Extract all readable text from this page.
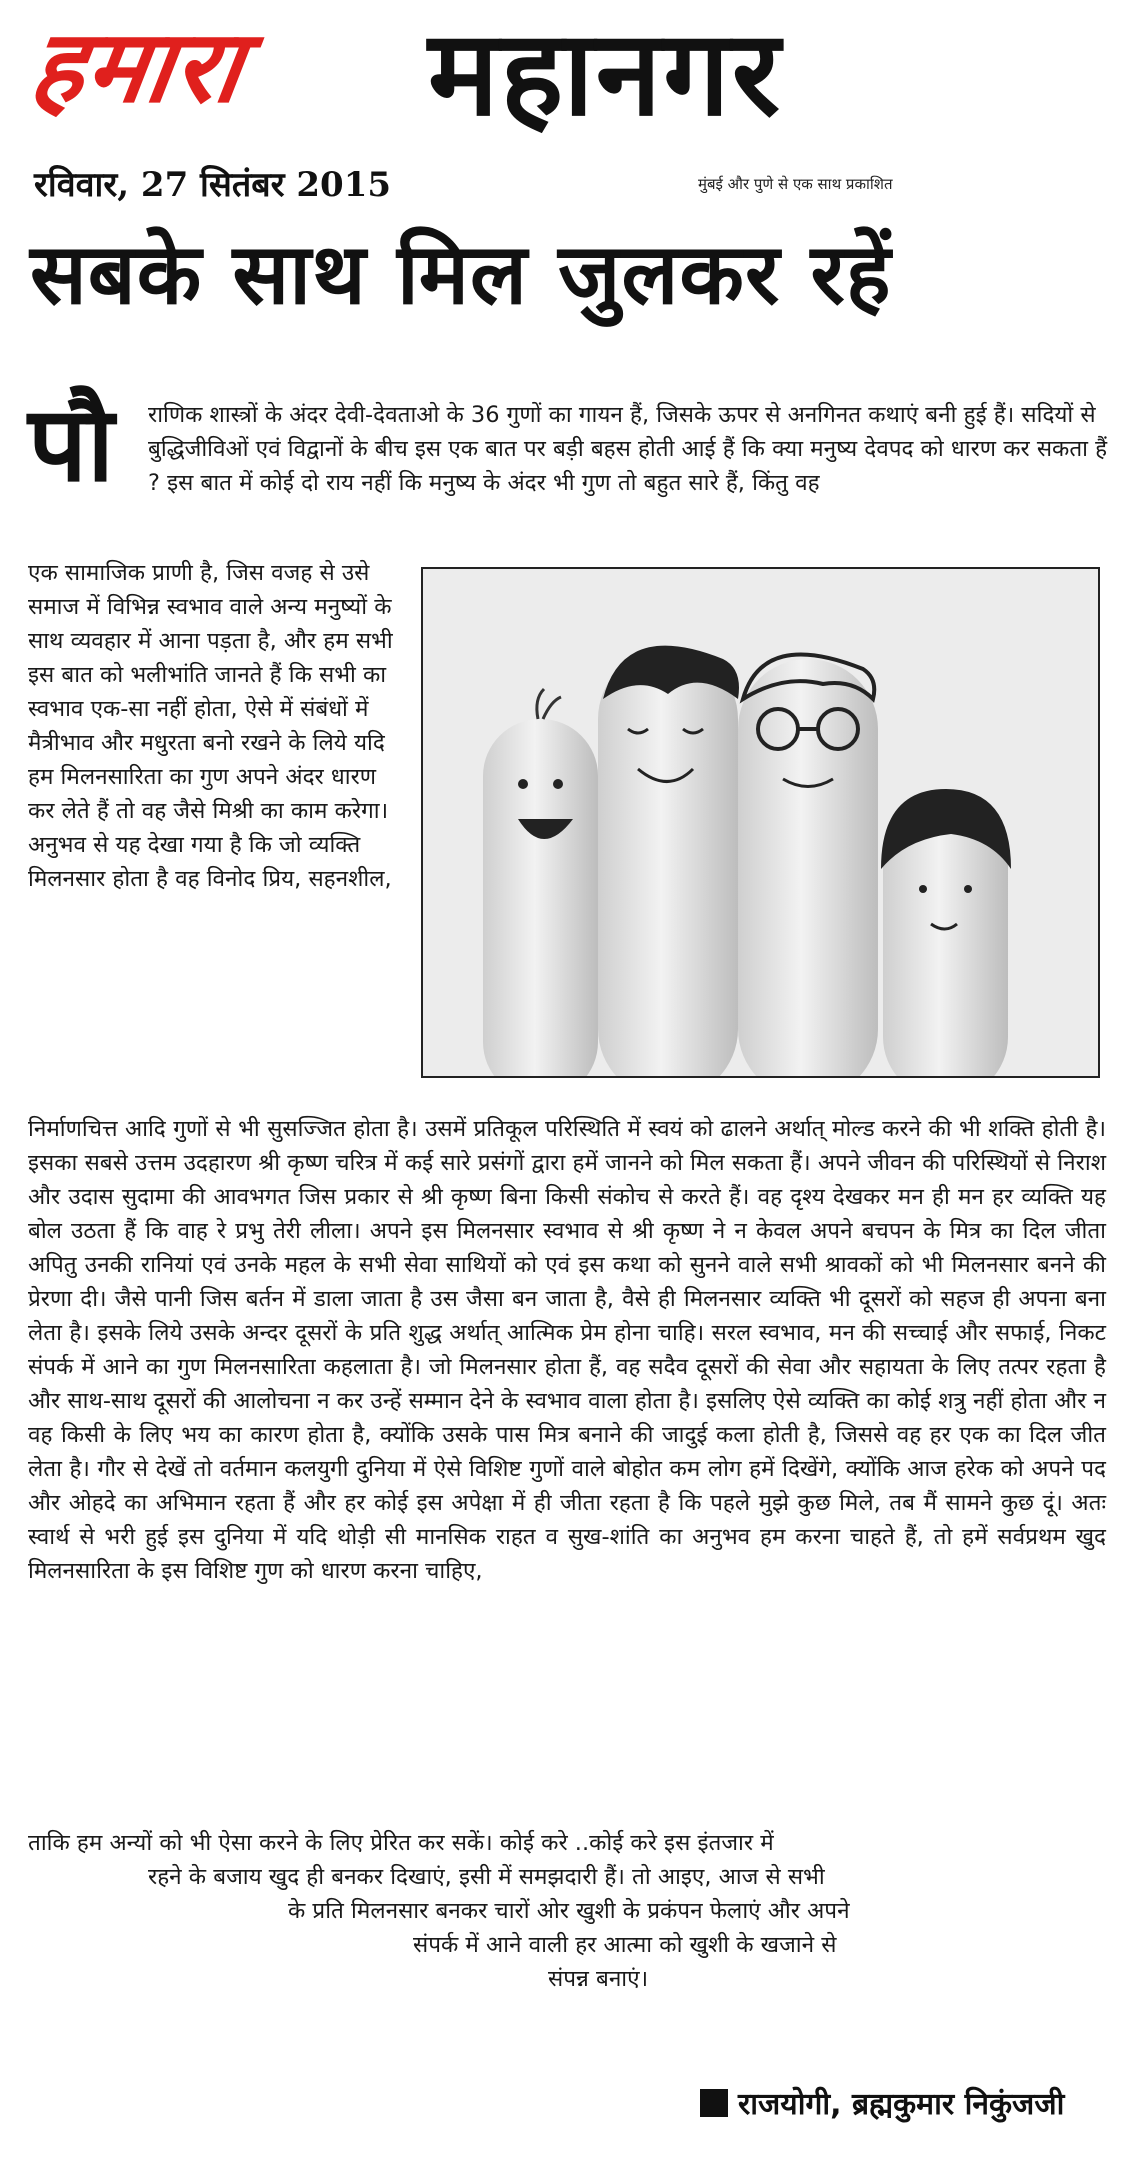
हमारा महानगर
रविवार, 27 सितंबर 2015	मुंबई और पुणे से एक साथ प्रकाशित
सबके साथ मिल जुलकर रहें
पौ राणिक शास्त्रों के अंदर देवी-देवताओ के 36 गुणों का गायन हैं, जिसके ऊपर से अनगिनत कथाएं बनी हुई हैं। सदियों से बुद्धिजीविओं एवं विद्वानों के बीच इस एक बात पर बड़ी बहस होती आई हैं कि क्या मनुष्य देवपद को धारण कर सकता हैं ? इस बात में कोई दो राय नहीं कि मनुष्य के अंदर भी गुण तो बहुत सारे हैं, किंतु वह

एक सामाजिक प्राणी है, जिस वजह से उसे समाज में विभिन्न स्वभाव वाले अन्य मनुष्यों के साथ व्यवहार में आना पड़ता है, और हम सभी इस बात को भलीभांति जानते हैं कि सभी का स्वभाव एक-सा नहीं होता, ऐसे में संबंधों में मैत्रीभाव और मधुरता बनो रखने के लिये यदि हम मिलनसारिता का गुण अपने अंदर धारण कर लेते हैं तो वह जैसे मिश्री का काम करेगा। अनुभव से यह देखा गया है कि जो व्यक्ति मिलनसार होता है वह विनोद प्रिय, सहनशील,

निर्माणचित्त आदि गुणों से भी सुसज्जित होता है। उसमें प्रतिकूल परिस्थिति में स्वयं को ढालने अर्थात् मोल्ड करने की भी शक्ति होती है। इसका सबसे उत्तम उदहारण श्री कृष्ण चरित्र में कई सारे प्रसंगों द्वारा हमें जानने को मिल सकता हैं। अपने जीवन की परिस्थियों से निराश और उदास सुदामा की आवभगत जिस प्रकार से श्री कृष्ण बिना किसी संकोच से करते हैं। वह दृश्य देखकर मन ही मन हर व्यक्ति यह बोल उठता हैं कि वाह रे प्रभु तेरी लीला। अपने इस मिलनसार स्वभाव से श्री कृष्ण ने न केवल अपने बचपन के मित्र का दिल जीता अपितु उनकी रानियां एवं उनके महल के सभी सेवा साथियों को एवं इस कथा को सुनने वाले सभी श्रावकों को भी मिलनसार बनने की प्रेरणा दी। जैसे पानी जिस बर्तन में डाला जाता है उस जैसा बन जाता है, वैसे ही मिलनसार व्यक्ति भी दूसरों को सहज ही अपना बना लेता है। इसके लिये उसके अन्दर दूसरों के प्रति शुद्ध अर्थात् आत्मिक प्रेम होना चाहि। सरल स्वभाव, मन की सच्चाई और सफाई, निकट संपर्क में आने का गुण मिलनसारिता कहलाता है। जो मिलनसार होता हैं, वह सदैव दूसरों की सेवा और सहायता के लिए तत्पर रहता है और साथ-साथ दूसरों की आलोचना न कर उन्हें सम्मान देने के स्वभाव वाला होता है। इसलिए ऐसे व्यक्ति का कोई शत्रु नहीं होता और न वह किसी के लिए भय का कारण होता है, क्योंकि उसके पास मित्र बनाने की जादुई कला होती है, जिससे वह हर एक का दिल जीत लेता है। गौर से देखें तो वर्तमान कलयुगी दुनिया में ऐसे विशिष्ट गुणों वाले बोहोत कम लोग हमें दिखेंगे, क्योंकि आज हरेक को अपने पद और ओहदे का अभिमान रहता हैं और हर कोई इस अपेक्षा में ही जीता रहता है कि पहले मुझे कुछ मिले, तब मैं सामने कुछ दूं। अतः स्वार्थ से भरी हुई इस दुनिया में यदि थोड़ी सी मानसिक राहत व सुख-शांति का अनुभव हम करना चाहते हैं, तो हमें सर्वप्रथम खुद मिलनसारिता के इस विशिष्ट गुण को धारण करना चाहिए,

ताकि हम अन्यों को भी ऐसा करने के लिए प्रेरित कर सकें। कोई करे ..कोई करे इस इंतजार में
रहने के बजाय खुद ही बनकर दिखाएं, इसी में समझदारी हैं। तो आइए, आज से सभी
के प्रति मिलनसार बनकर चारों ओर खुशी के प्रकंपन फेलाएं और अपने
संपर्क में आने वाली हर आत्मा को खुशी के खजाने से
संपन्न बनाएं।
राजयोगी, ब्रह्मकुमार निकुंजजी
